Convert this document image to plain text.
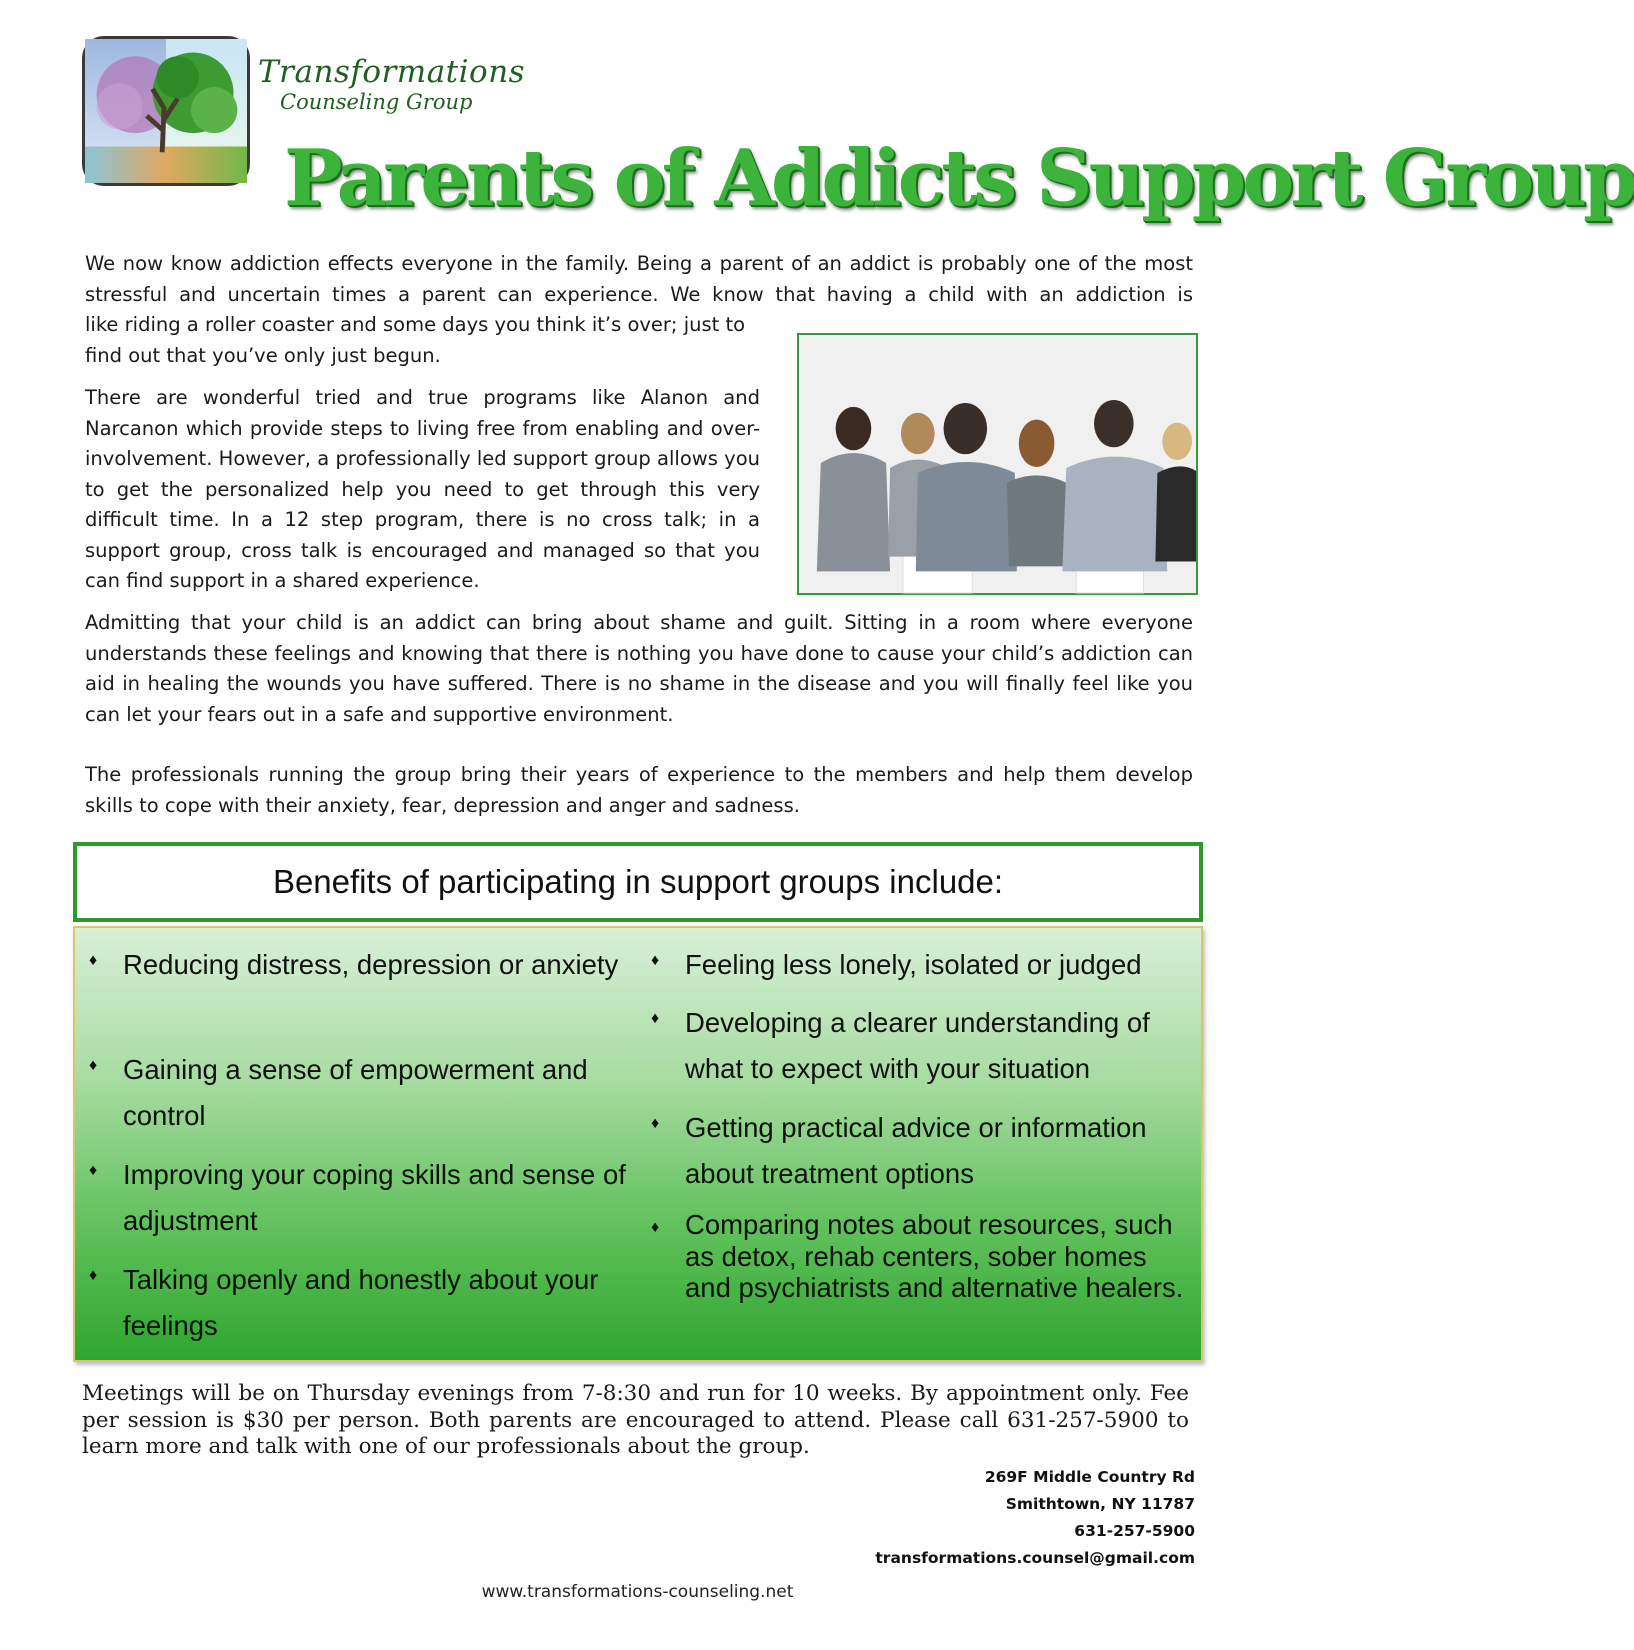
Transformations
Counseling Group
Parents of Addicts Support Group

We now know addiction effects everyone in the family. Being a parent of an addict is probably one of the most stressful and uncertain times a parent can experience. We know that having a child with an addiction is

like riding a roller coaster and some days you think it’s over; just to find out that you’ve only just begun.

There are wonderful tried and true programs like Alanon and Narcanon which provide steps to living free from enabling and over-involvement. However, a professionally led support group allows you to get the personalized help you need to get through this very difficult time. In a 12 step program, there is no cross talk; in a support group, cross talk is encouraged and managed so that you can find support in a shared experience.

Admitting that your child is an addict can bring about shame and guilt. Sitting in a room where everyone understands these feelings and knowing that there is nothing you have done to cause your child’s addiction can aid in healing the wounds you have suffered. There is no shame in the disease and you will finally feel like you can let your fears out in a safe and supportive environment.

The professionals running the group bring their years of experience to the members and help them develop skills to cope with their anxiety, fear, depression and anger and sadness.

Benefits of participating in support groups include:
♦ Reducing distress, depression or anxiety
♦ Gaining a sense of empowerment and control
♦ Improving your coping skills and sense of adjustment
♦ Talking openly and honestly about your feelings
♦ Feeling less lonely, isolated or judged
♦ Developing a clearer understanding of what to expect with your situation
♦ Getting practical advice or information about treatment options
♦ Comparing notes about resources, such as detox, rehab centers, sober homes and psychiatrists and alternative healers.

Meetings will be on Thursday evenings from 7-8:30 and run for 10 weeks. By appointment only. Fee per session is $30 per person. Both parents are encouraged to attend. Please call 631-257-5900 to learn more and talk with one of our professionals about the group.

269F Middle Country Rd
Smithtown, NY 11787
631-257-5900
transformations.counsel@gmail.com
www.transformations-counseling.net
